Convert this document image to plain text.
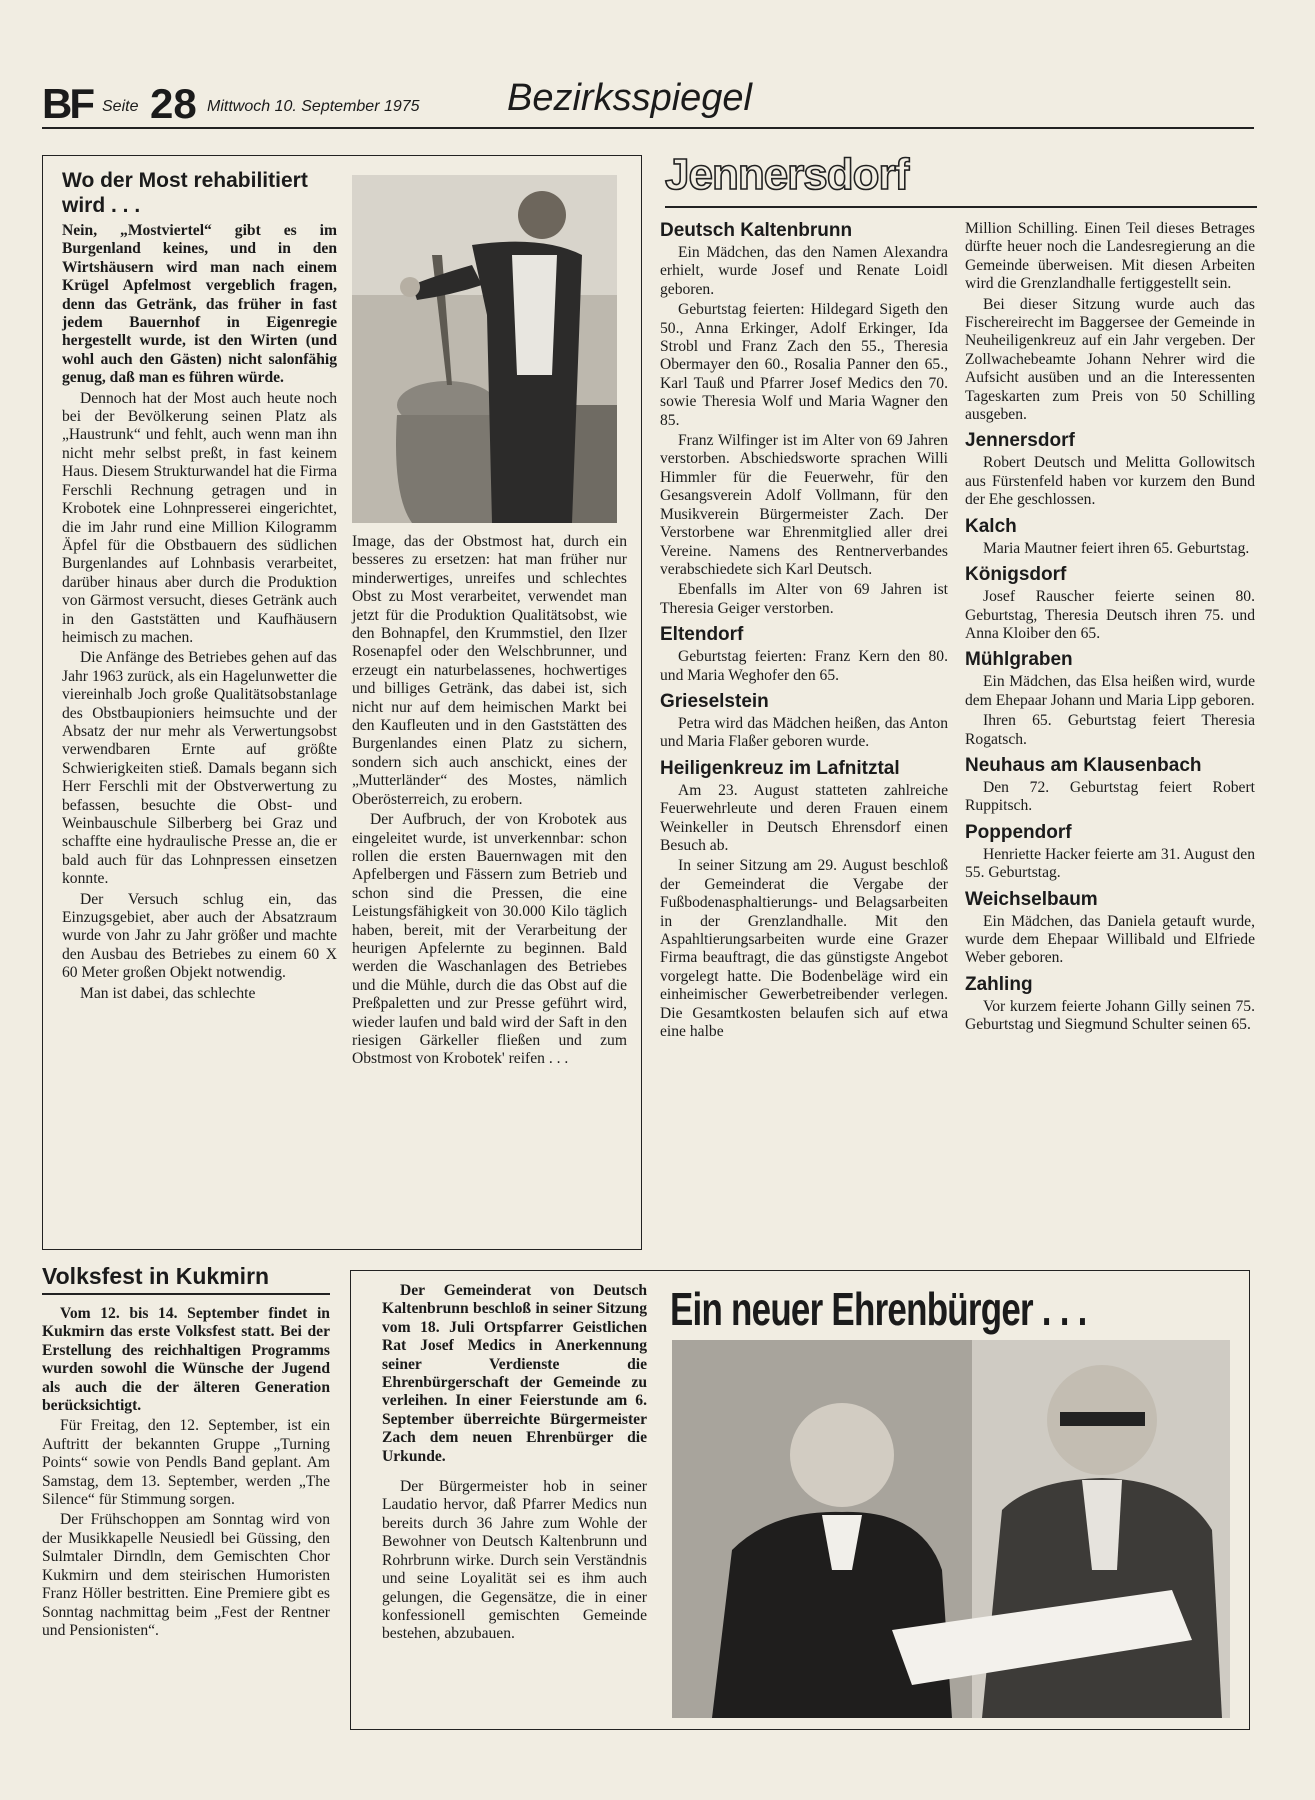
BF Seite 28 Mittwoch 10. September 1975 Bezirksspiegel
Wo der Most rehabilitiert wird . . .

Nein, „Mostviertel“ gibt es im Burgenland keines, und in den Wirtshäusern wird man nach einem Krügel Apfelmost vergeblich fragen, denn das Getränk, das früher in fast jedem Bauernhof in Eigenregie hergestellt wurde, ist den Wirten (und wohl auch den Gästen) nicht salonfähig genug, daß man es führen würde.

Dennoch hat der Most auch heute noch bei der Bevölkerung seinen Platz als „Haustrunk“ und fehlt, auch wenn man ihn nicht mehr selbst preßt, in fast keinem Haus. Diesem Strukturwandel hat die Firma Ferschli Rechnung getragen und in Krobotek eine Lohnpresserei eingerichtet, die im Jahr rund eine Million Kilogramm Äpfel für die Obstbauern des südlichen Burgenlandes auf Lohnbasis verarbeitet, darüber hinaus aber durch die Produktion von Gärmost versucht, dieses Getränk auch in den Gaststätten und Kaufhäusern heimisch zu machen.

Die Anfänge des Betriebes gehen auf das Jahr 1963 zurück, als ein Hagelunwetter die viereinhalb Joch große Qualitätsobstanlage des Obstbaupioniers heimsuchte und der Absatz der nur mehr als Verwertungsobst verwendbaren Ernte auf größte Schwierigkeiten stieß. Damals begann sich Herr Ferschli mit der Obstverwertung zu befassen, besuchte die Obst- und Weinbauschule Silberberg bei Graz und schaffte eine hydraulische Presse an, die er bald auch für das Lohnpressen einsetzen konnte.

Der Versuch schlug ein, das Einzugsgebiet, aber auch der Absatzraum wurde von Jahr zu Jahr größer und machte den Ausbau des Betriebes zu einem 60 X 60 Meter großen Objekt notwendig.

Man ist dabei, das schlechte

Image, das der Obstmost hat, durch ein besseres zu ersetzen: hat man früher nur minderwertiges, unreifes und schlechtes Obst zu Most verarbeitet, verwendet man jetzt für die Produktion Qualitätsobst, wie den Bohnapfel, den Krummstiel, den Ilzer Rosenapfel oder den Welschbrunner, und erzeugt ein naturbelassenes, hochwertiges und billiges Getränk, das dabei ist, sich nicht nur auf dem heimischen Markt bei den Kaufleuten und in den Gaststätten des Burgenlandes einen Platz zu sichern, sondern sich auch anschickt, eines der „Mutterländer“ des Mostes, nämlich Oberösterreich, zu erobern.

Der Aufbruch, der von Krobotek aus eingeleitet wurde, ist unverkennbar: schon rollen die ersten Bauernwagen mit den Apfelbergen und Fässern zum Betrieb und schon sind die Pressen, die eine Leistungsfähigkeit von 30.000 Kilo täglich haben, bereit, mit der Verarbeitung der heurigen Apfelernte zu beginnen. Bald werden die Waschanlagen des Betriebes und die Mühle, durch die das Obst auf die Preßpaletten und zur Presse geführt wird, wieder laufen und bald wird der Saft in den riesigen Gärkeller fließen und zum Obstmost von Krobotek' reifen . . .

Jennersdorf
Deutsch Kaltenbrunn

Ein Mädchen, das den Namen Alexandra erhielt, wurde Josef und Renate Loidl geboren.

Geburtstag feierten: Hildegard Sigeth den 50., Anna Erkinger, Adolf Erkinger, Ida Strobl und Franz Zach den 55., Theresia Obermayer den 60., Rosalia Panner den 65., Karl Tauß und Pfarrer Josef Medics den 70. sowie Theresia Wolf und Maria Wagner den 85.

Franz Wilfinger ist im Alter von 69 Jahren verstorben. Abschiedsworte sprachen Willi Himmler für die Feuerwehr, für den Gesangsverein Adolf Vollmann, für den Musikverein Bürgermeister Zach. Der Verstorbene war Ehrenmitglied aller drei Vereine. Namens des Rentnerverbandes verabschiedete sich Karl Deutsch.

Ebenfalls im Alter von 69 Jahren ist Theresia Geiger verstorben.

Eltendorf

Geburtstag feierten: Franz Kern den 80. und Maria Weghofer den 65.

Grieselstein

Petra wird das Mädchen heißen, das Anton und Maria Flaßer geboren wurde.

Heiligenkreuz im Lafnitztal

Am 23. August statteten zahlreiche Feuerwehrleute und deren Frauen einem Weinkeller in Deutsch Ehrensdorf einen Besuch ab.

In seiner Sitzung am 29. August beschloß der Gemeinderat die Vergabe der Fußbodenasphaltierungs- und Belagsarbeiten in der Grenzlandhalle. Mit den Aspahltierungsarbeiten wurde eine Grazer Firma beauftragt, die das günstigste Angebot vorgelegt hatte. Die Bodenbeläge wird ein einheimischer Gewerbetreibender verlegen. Die Gesamtkosten belaufen sich auf etwa eine halbe

Million Schilling. Einen Teil dieses Betrages dürfte heuer noch die Landesregierung an die Gemeinde überweisen. Mit diesen Arbeiten wird die Grenzlandhalle fertiggestellt sein.

Bei dieser Sitzung wurde auch das Fischereirecht im Baggersee der Gemeinde in Neuheiligenkreuz auf ein Jahr vergeben. Der Zollwachebeamte Johann Nehrer wird die Aufsicht ausüben und an die Interessenten Tageskarten zum Preis von 50 Schilling ausgeben.

Jennersdorf

Robert Deutsch und Melitta Gollowitsch aus Fürstenfeld haben vor kurzem den Bund der Ehe geschlossen.

Kalch

Maria Mautner feiert ihren 65. Geburtstag.

Königsdorf

Josef Rauscher feierte seinen 80. Geburtstag, Theresia Deutsch ihren 75. und Anna Kloiber den 65.

Mühlgraben

Ein Mädchen, das Elsa heißen wird, wurde dem Ehepaar Johann und Maria Lipp geboren.

Ihren 65. Geburtstag feiert Theresia Rogatsch.

Neuhaus am Klausenbach

Den 72. Geburtstag feiert Robert Ruppitsch.

Poppendorf

Henriette Hacker feierte am 31. August den 55. Geburtstag.

Weichselbaum

Ein Mädchen, das Daniela getauft wurde, wurde dem Ehepaar Willibald und Elfriede Weber geboren.

Zahling

Vor kurzem feierte Johann Gilly seinen 75. Geburtstag und Siegmund Schulter seinen 65.

Volksfest in Kukmirn

Vom 12. bis 14. September findet in Kukmirn das erste Volksfest statt. Bei der Erstellung des reichhaltigen Programms wurden sowohl die Wünsche der Jugend als auch die der älteren Generation berücksichtigt.

Für Freitag, den 12. September, ist ein Auftritt der bekannten Gruppe „Turning Points“ sowie von Pendls Band geplant. Am Samstag, dem 13. September, werden „The Silence“ für Stimmung sorgen.

Der Frühschoppen am Sonntag wird von der Musikkapelle Neusiedl bei Güssing, den Sulmtaler Dirndln, dem Gemischten Chor Kukmirn und dem steirischen Humoristen Franz Höller bestritten. Eine Premiere gibt es Sonntag nachmittag beim „Fest der Rentner und Pensionisten“.

Der Gemeinderat von Deutsch Kaltenbrunn beschloß in seiner Sitzung vom 18. Juli Ortspfarrer Geistlichen Rat Josef Medics in Anerkennung seiner Verdienste die Ehrenbürgerschaft der Gemeinde zu verleihen. In einer Feierstunde am 6. September überreichte Bürgermeister Zach dem neuen Ehrenbürger die Urkunde.

Der Bürgermeister hob in seiner Laudatio hervor, daß Pfarrer Medics nun bereits durch 36 Jahre zum Wohle der Bewohner von Deutsch Kaltenbrunn und Rohrbrunn wirke. Durch sein Verständnis und seine Loyalität sei es ihm auch gelungen, die Gegensätze, die in einer konfessionell gemischten Gemeinde bestehen, abzubauen.

Ein neuer Ehrenbürger . . .
